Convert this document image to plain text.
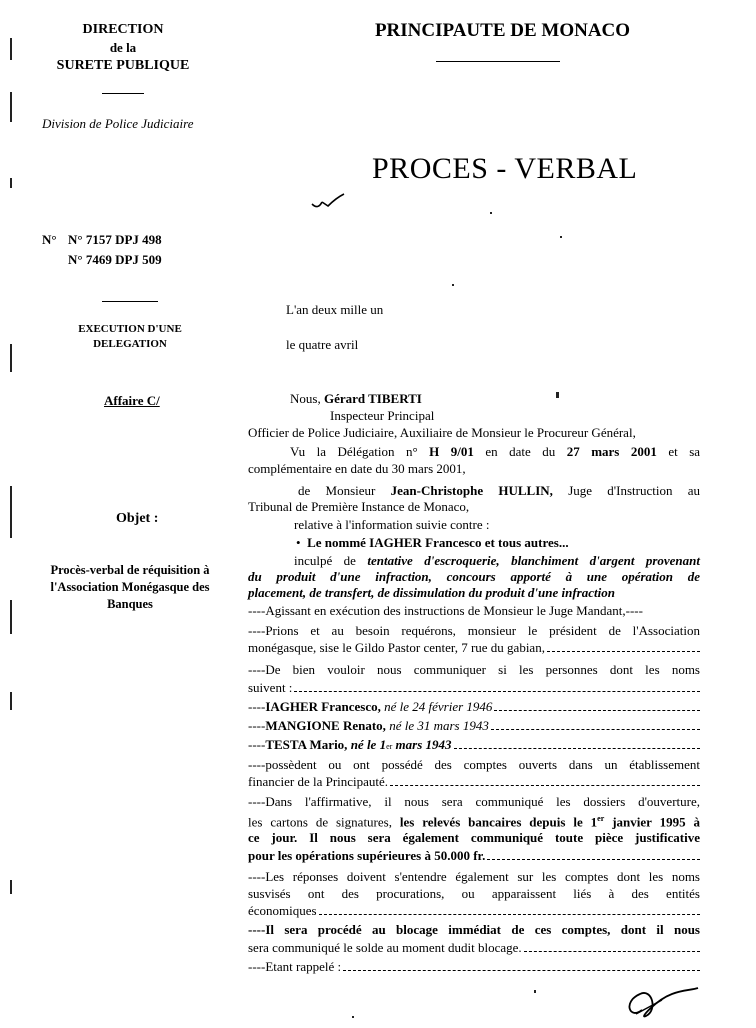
DIRECTION
de la
SURETE PUBLIQUE
Division de Police Judiciaire
PRINCIPAUTE DE MONACO
PROCES - VERBAL
N° N° 7157 DPJ 498
N° 7469 DPJ 509
EXECUTION D'UNE
DELEGATION
Affaire C/
Objet :
Procès-verbal de réquisition à
l'Association Monégasque des
Banques
L'an deux mille un
le quatre avril
Nous, Gérard TIBERTI
Inspecteur Principal
Officier de Police Judiciaire, Auxiliaire de Monsieur le Procureur Général,
Vu la Délégation n° H 9/01 en date du 27 mars 2001 et sa
complémentaire en date du 30 mars 2001,
de Monsieur Jean-Christophe HULLIN, Juge d'Instruction au
Tribunal de Première Instance de Monaco,
relative à l'information suivie contre :
• Le nommé IAGHER Francesco et tous autres...
inculpé de tentative d'escroquerie, blanchiment d'argent provenant
du produit d'une infraction, concours apporté à une opération de
placement, de transfert, de dissimulation du produit d'une infraction
----Agissant en exécution des instructions de Monsieur le Juge Mandant,----
----Prions et au besoin requérons, monsieur le président de l'Association
monégasque, sise le Gildo Pastor center, 7 rue du gabian,
----De bien vouloir nous communiquer si les personnes dont les noms
suivent :
---- IAGHER Francesco,
né le 24 février 1946
---- MANGIONE Renato,
né le 31 mars 1943
---- TESTA Mario,
né le 1 er
mars 1943
----possèdent ou ont possédé des comptes ouverts dans un établissement
financier de la Principauté.
----Dans l'affirmative, il nous sera communiqué les dossiers d'ouverture,
les cartons de signatures, les relevés bancaires depuis le 1er janvier 1995 à
ce jour. Il nous sera également communiqué toute pièce justificative
pour les opérations supérieures à 50.000 fr.
----Les réponses doivent s'entendre également sur les comptes dont les noms
susvisés ont des procurations, ou apparaissent liés à des entités
économiques
----Il sera procédé au blocage immédiat de ces comptes, dont il nous
sera communiqué le solde au moment dudit blocage.
----Etant rappelé :
